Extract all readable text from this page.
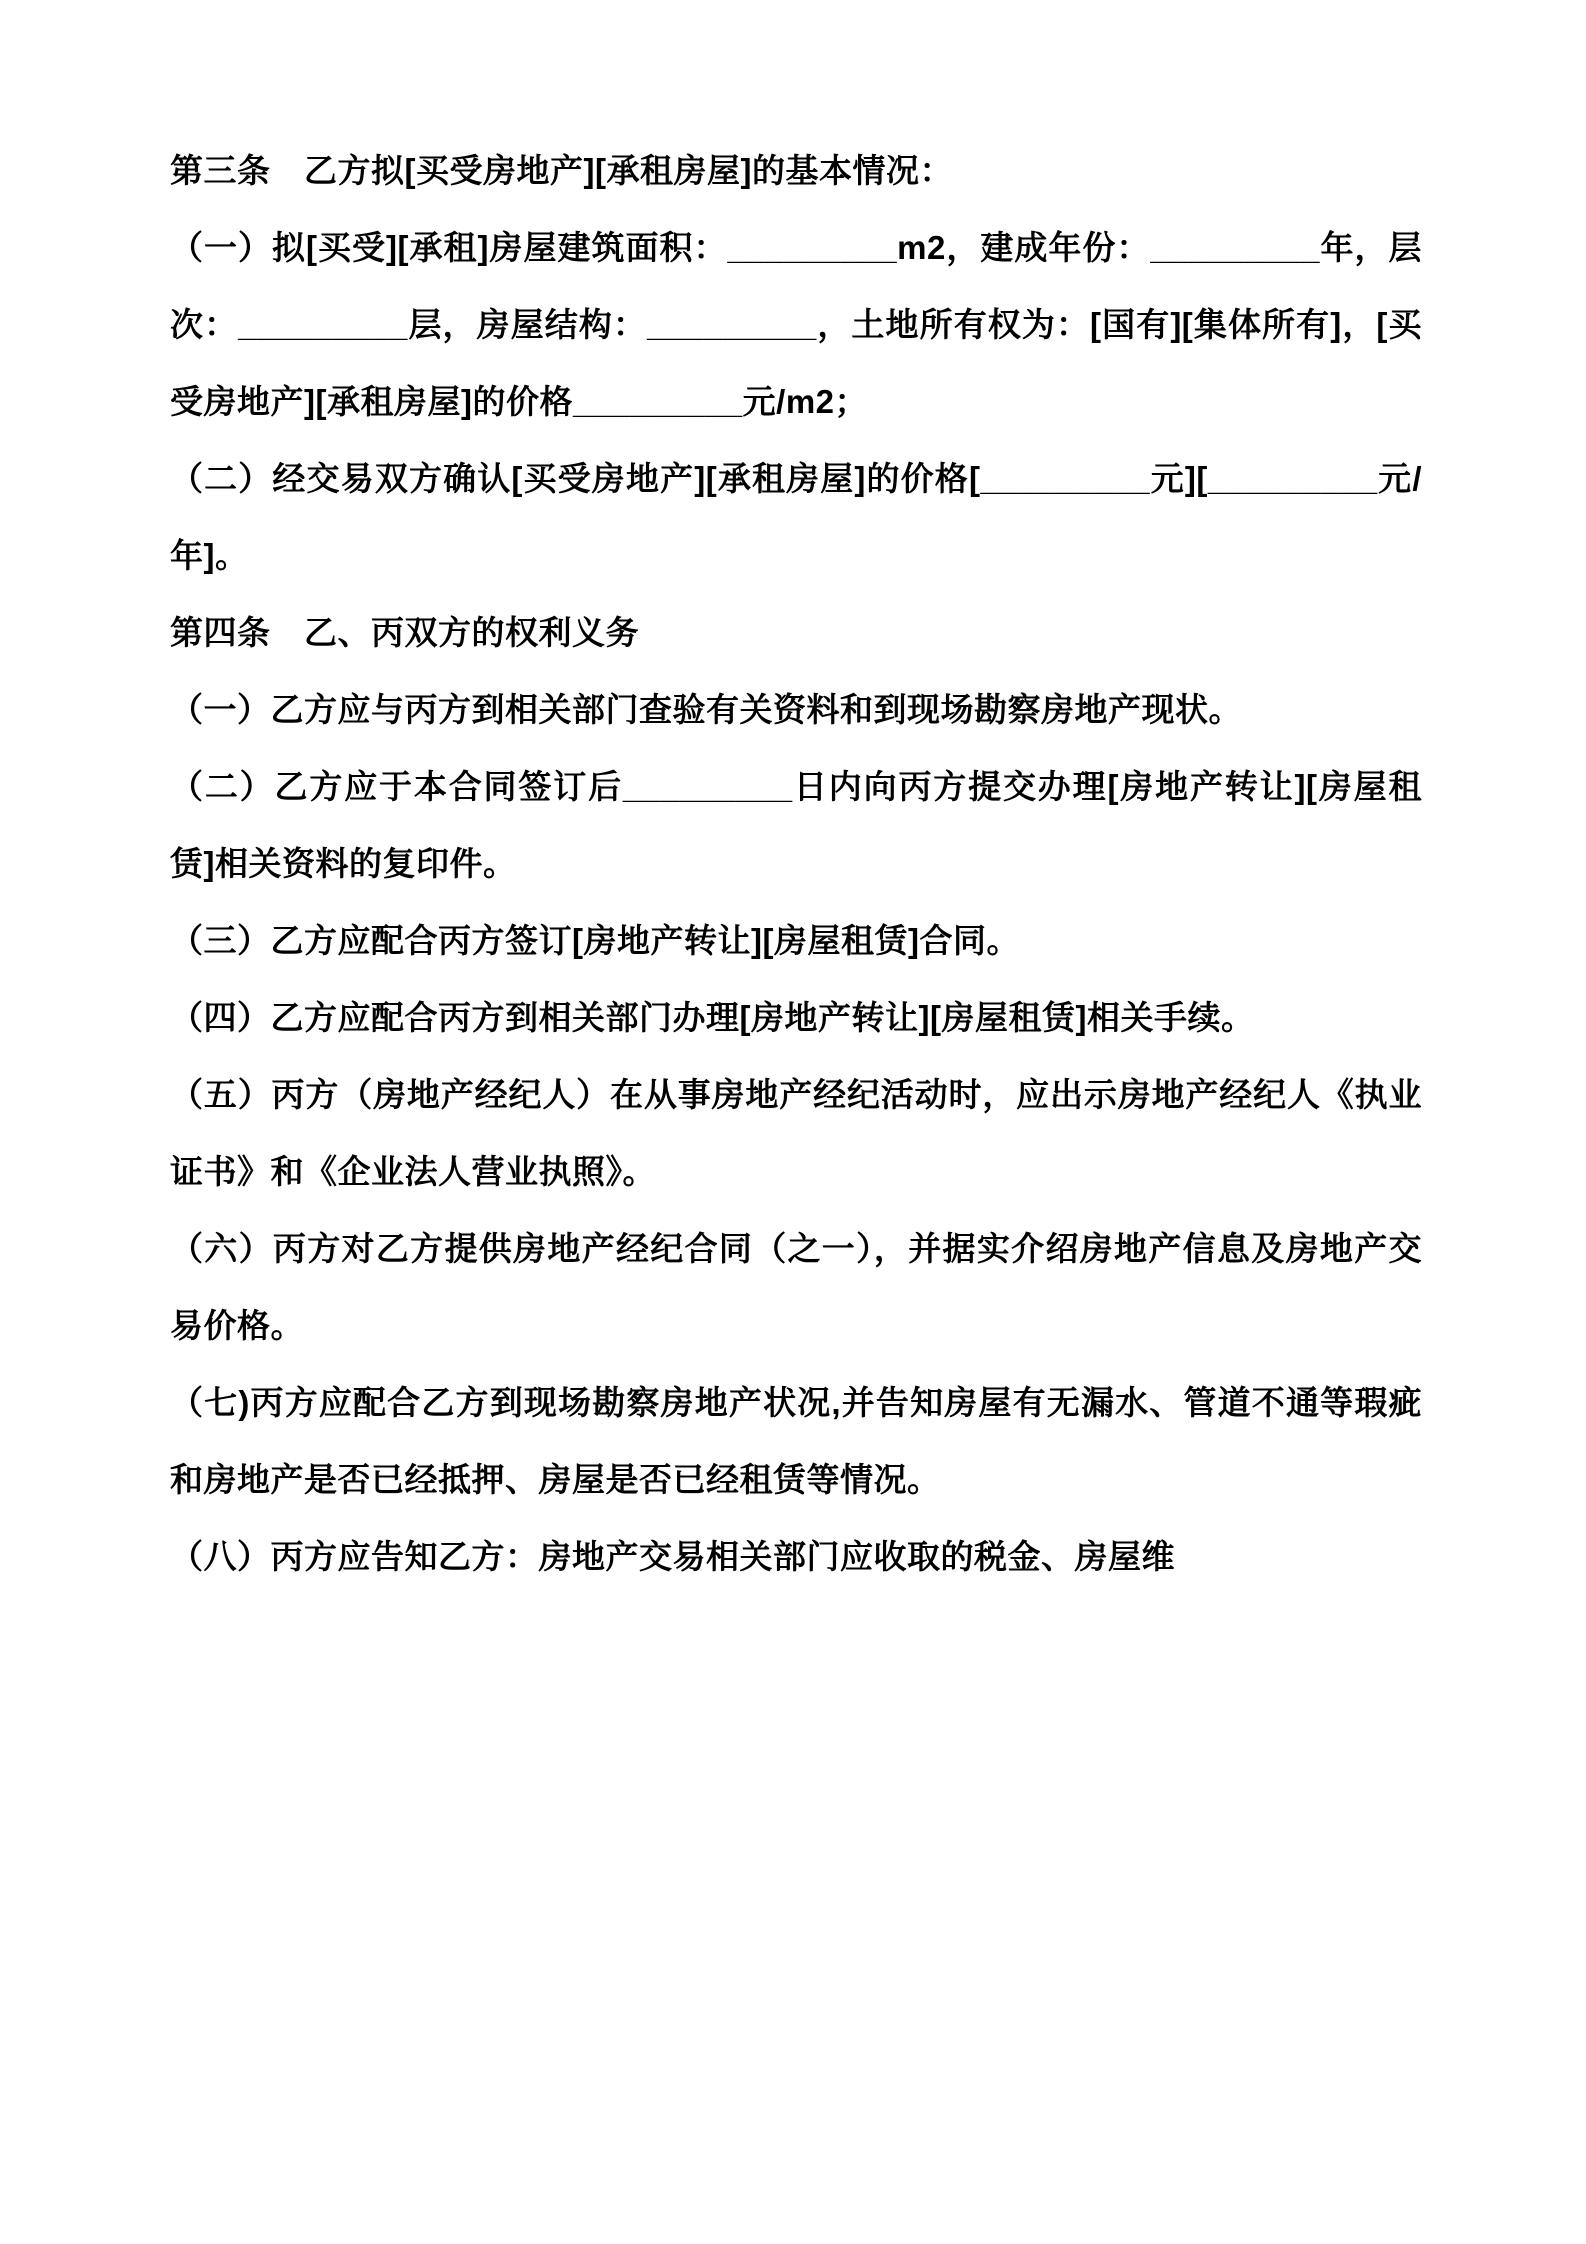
第三条　乙方拟[买受房地产][承租房屋]的基本情况：

（一）拟[买受][承租]房屋建筑面积：_________m2，建成年份：_________年，层次：_________层，房屋结构：_________，土地所有权为：[国有][集体所有]，[买受房地产][承租房屋]的价格_________元/m2；

（二）经交易双方确认[买受房地产][承租房屋]的价格[_________元][_________元/年]。

第四条　乙、丙双方的权利义务

（一）乙方应与丙方到相关部门查验有关资料和到现场勘察房地产现状。

（二）乙方应于本合同签订后_________日内向丙方提交办理[房地产转让][房屋租赁]相关资料的复印件。

（三）乙方应配合丙方签订[房地产转让][房屋租赁]合同。

（四）乙方应配合丙方到相关部门办理[房地产转让][房屋租赁]相关手续。

（五）丙方（房地产经纪人）在从事房地产经纪活动时，应出示房地产经纪人《执业证书》和《企业法人营业执照》。

（六）丙方对乙方提供房地产经纪合同（之一），并据实介绍房地产信息及房地产交易价格。

（七)丙方应配合乙方到现场勘察房地产状况,并告知房屋有无漏水、管道不通等瑕疵和房地产是否已经抵押、房屋是否已经租赁等情况。

（八）丙方应告知乙方：房地产交易相关部门应收取的税金、房屋维
